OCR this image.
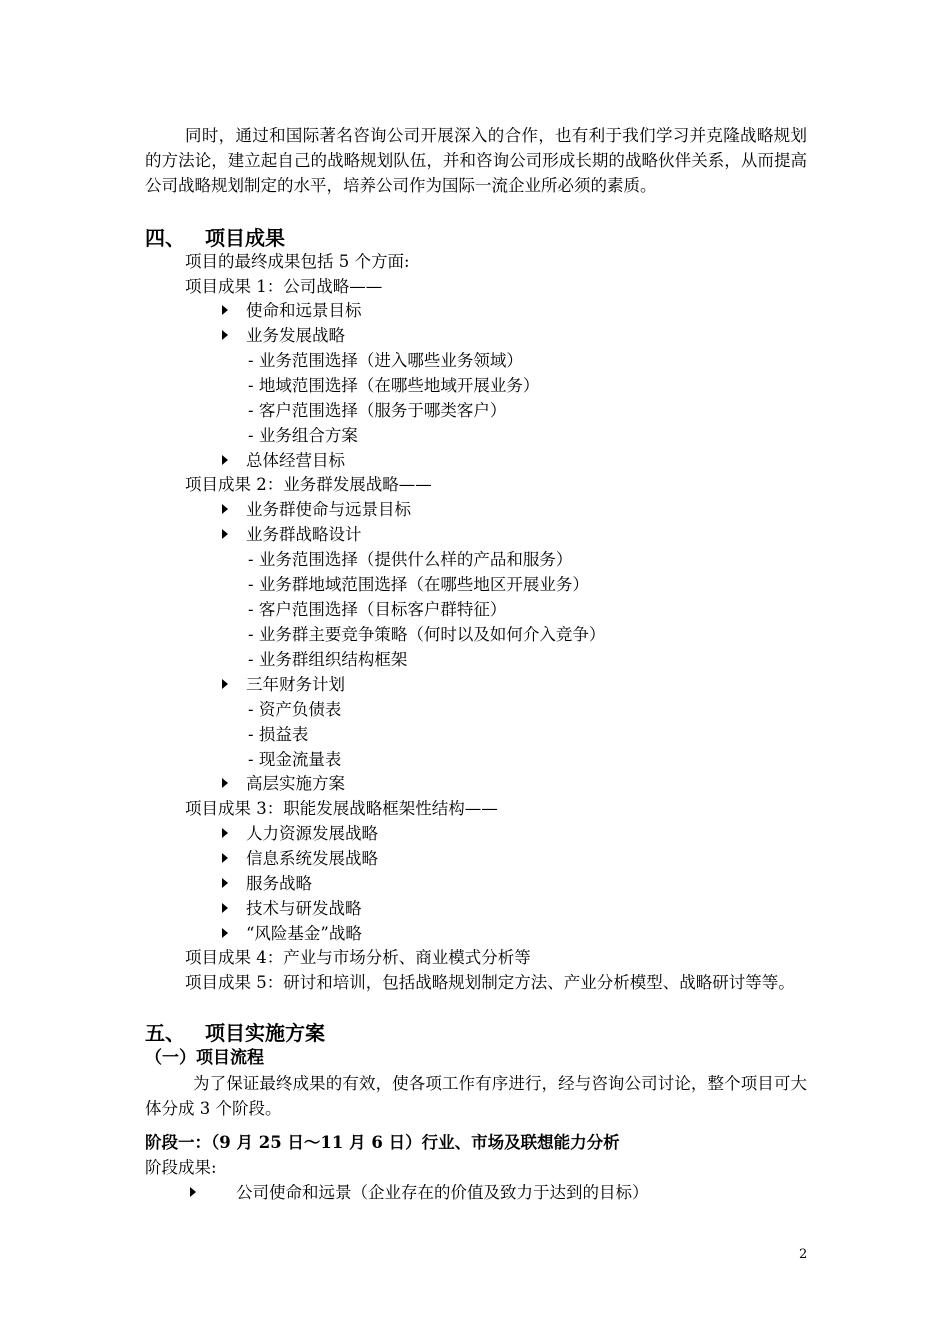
同时，通过和国际著名咨询公司开展深入的合作，也有利于我们学习并克隆战略规划的方法论，建立起自己的战略规划队伍，并和咨询公司形成长期的战略伙伴关系，从而提高公司战略规划制定的水平，培养公司作为国际一流企业所必须的素质。
四、 项目成果
项目的最终成果包括 5 个方面:
项目成果 1：公司战略——
使命和远景目标
业务发展战略
- 业务范围选择（进入哪些业务领域）
- 地域范围选择（在哪些地域开展业务）
- 客户范围选择（服务于哪类客户）
- 业务组合方案
总体经营目标
项目成果 2：业务群发展战略——
业务群使命与远景目标
业务群战略设计
- 业务范围选择（提供什么样的产品和服务）
- 业务群地域范围选择（在哪些地区开展业务）
- 客户范围选择（目标客户群特征）
- 业务群主要竞争策略（何时以及如何介入竞争）
- 业务群组织结构框架
三年财务计划
- 资产负债表
- 损益表
- 现金流量表
高层实施方案
项目成果 3：职能发展战略框架性结构——
人力资源发展战略
信息系统发展战略
服务战略
技术与研发战略
“风险基金”战略
项目成果 4：产业与市场分析、商业模式分析等
项目成果 5：研讨和培训，包括战略规划制定方法、产业分析模型、战略研讨等等。
五、 项目实施方案
（一）项目流程
为了保证最终成果的有效，使各项工作有序进行，经与咨询公司讨论，整个项目可大体分成 3 个阶段。
阶段一：（9 月 25 日～11 月 6 日）行业、市场及联想能力分析
阶段成果:
公司使命和远景（企业存在的价值及致力于达到的目标）
2
